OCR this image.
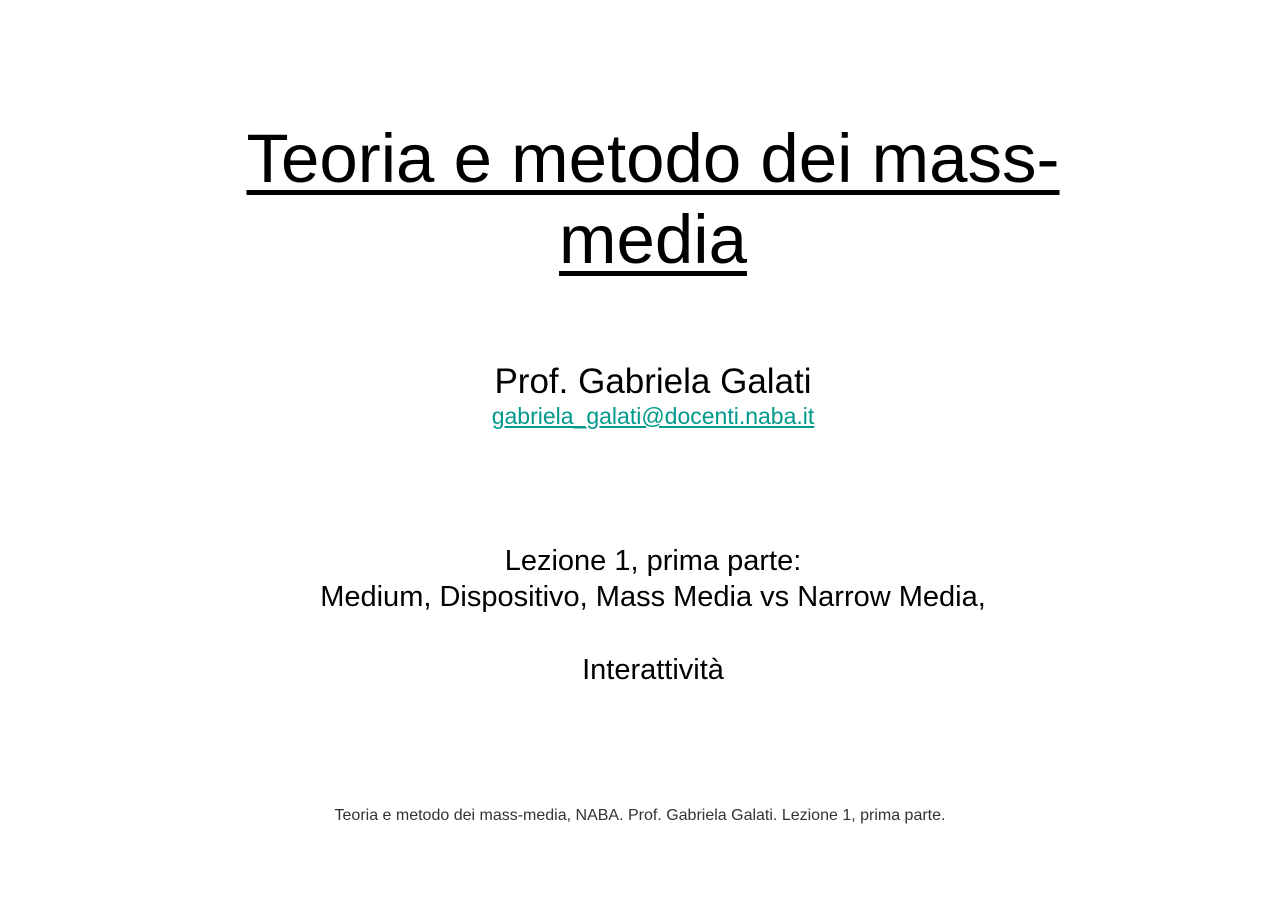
Teoria e metodo dei mass-media
Prof. Gabriela Galati
gabriela_galati@docenti.naba.it
Lezione 1, prima parte:
Medium, Dispositivo, Mass Media vs Narrow Media,
Interattività
Teoria e metodo dei mass-media, NABA. Prof. Gabriela Galati. Lezione 1, prima parte.
